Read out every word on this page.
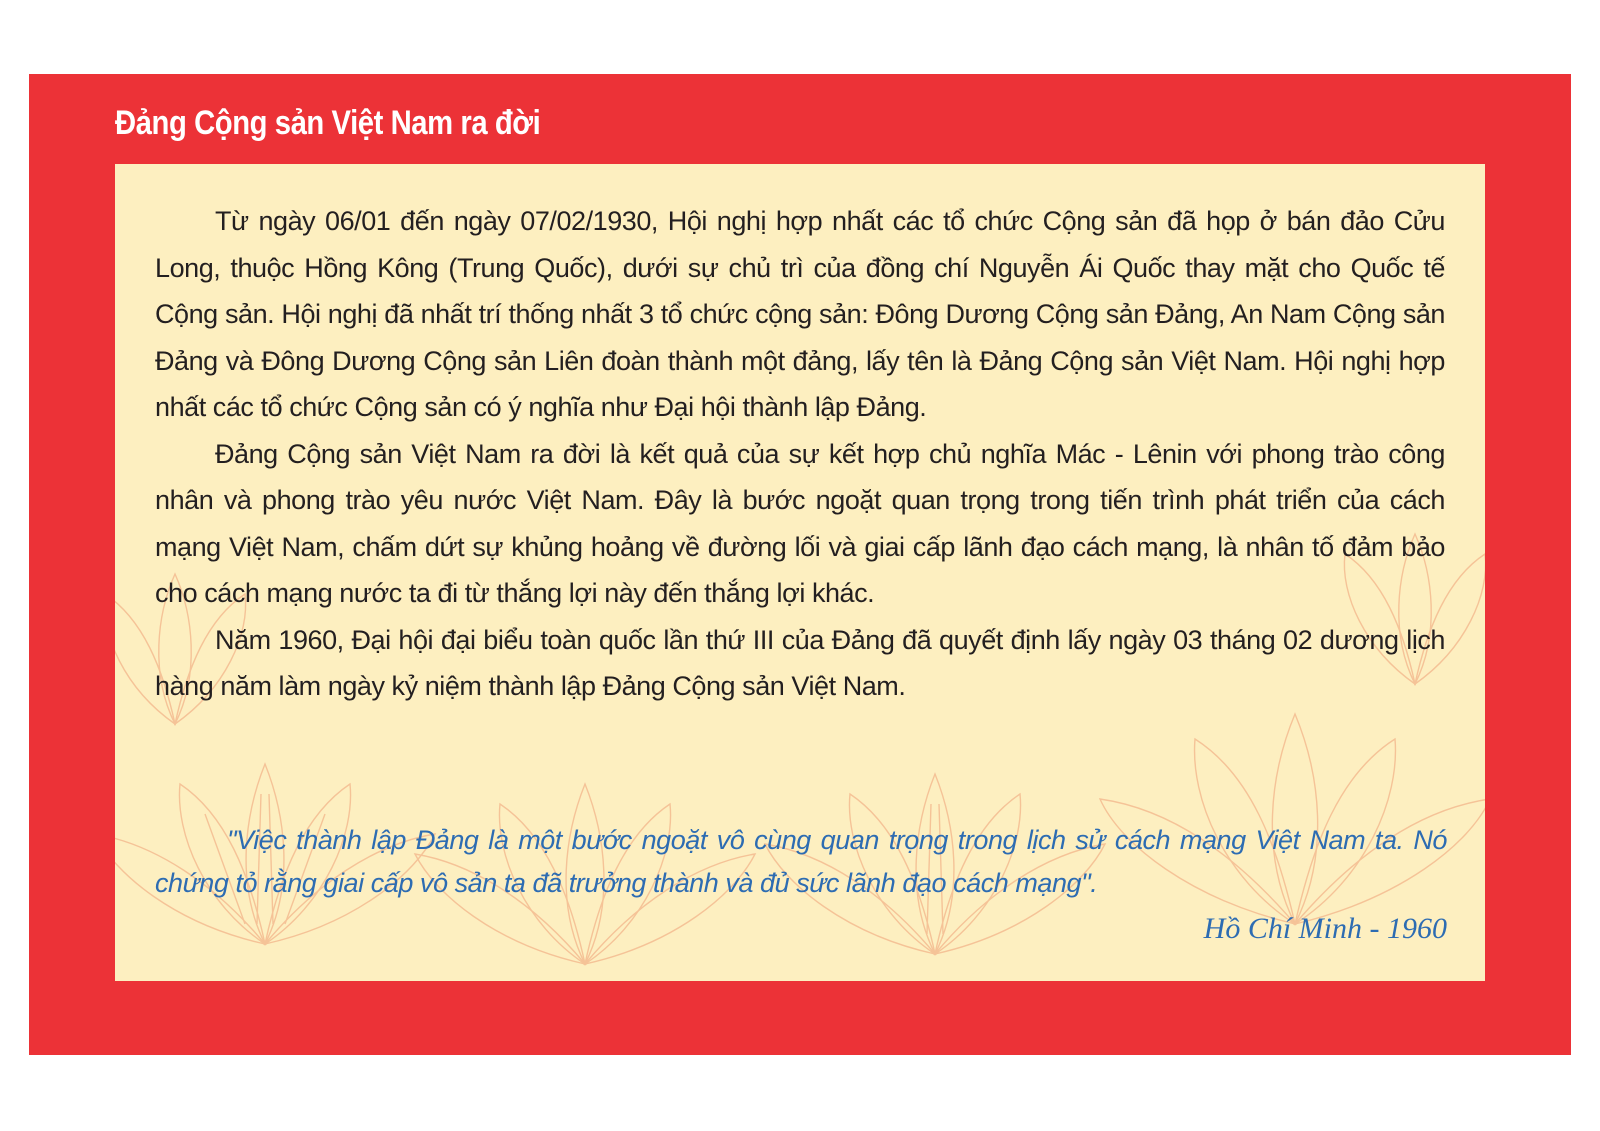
Đảng Cộng sản Việt Nam ra đời

Từ ngày 06/01 đến ngày 07/02/1930, Hội nghị hợp nhất các tổ chức Cộng sản đã họp ở bán đảo Cửu Long, thuộc Hồng Kông (Trung Quốc), dưới sự chủ trì của đồng chí Nguyễn Ái Quốc thay mặt cho Quốc tế Cộng sản. Hội nghị đã nhất trí thống nhất 3 tổ chức cộng sản: Đông Dương Cộng sản Đảng, An Nam Cộng sản Đảng và Đông Dương Cộng sản Liên đoàn thành một đảng, lấy tên là Đảng Cộng sản Việt Nam. Hội nghị hợp nhất các tổ chức Cộng sản có ý nghĩa như Đại hội thành lập Đảng.

Đảng Cộng sản Việt Nam ra đời là kết quả của sự kết hợp chủ nghĩa Mác - Lênin với phong trào công nhân và phong trào yêu nước Việt Nam. Đây là bước ngoặt quan trọng trong tiến trình phát triển của cách mạng Việt Nam, chấm dứt sự khủng hoảng về đường lối và giai cấp lãnh đạo cách mạng, là nhân tố đảm bảo cho cách mạng nước ta đi từ thắng lợi này đến thắng lợi khác.

Năm 1960, Đại hội đại biểu toàn quốc lần thứ III của Đảng đã quyết định lấy ngày 03 tháng 02 dương lịch hàng năm làm ngày kỷ niệm thành lập Đảng Cộng sản Việt Nam.

"Việc thành lập Đảng là một bước ngoặt vô cùng quan trọng trong lịch sử cách mạng Việt Nam ta. Nó chứng tỏ rằng giai cấp vô sản ta đã trưởng thành và đủ sức lãnh đạo cách mạng".

Hồ Chí Minh - 1960
